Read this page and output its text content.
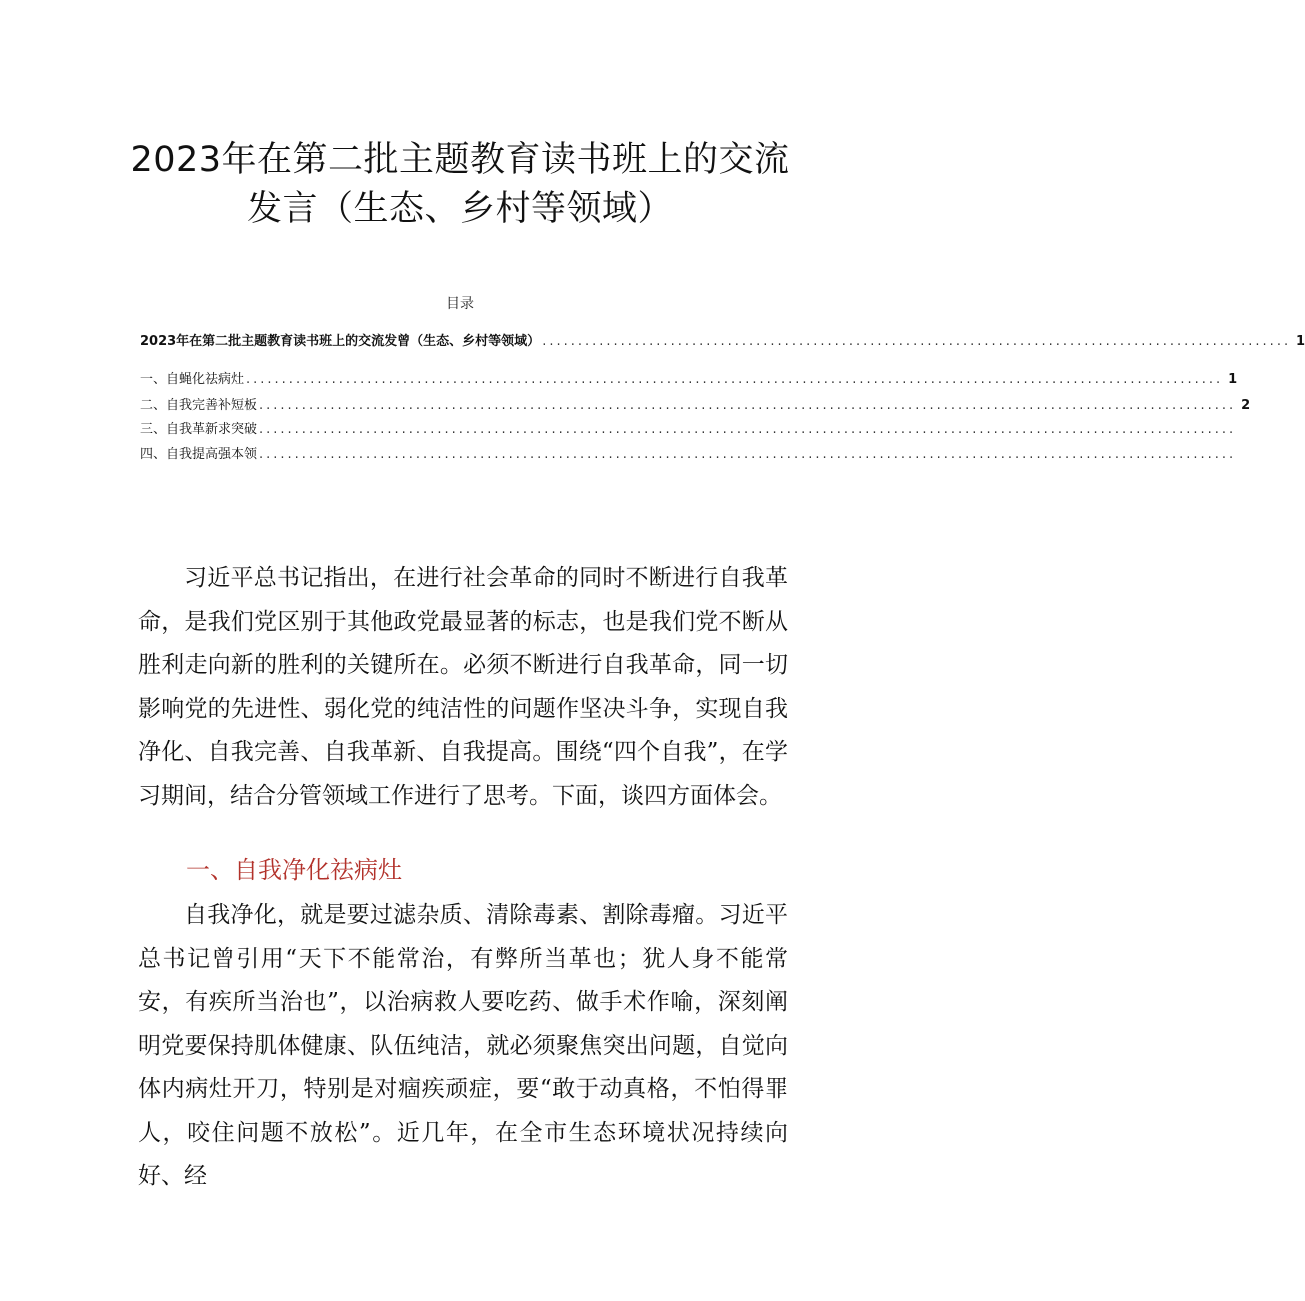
2023年在第二批主题教育读书班上的交流
发言（生态、乡村等领域）
目录
2023年在第二批主题教育读书班上的交流发曾（生态、乡村等领域） ......................................................................................................... 1
一、自蝇化祛病灶 ......................................................................................................................................... 1
二、自我完善补短板 ......................................................................................................................................... 2
三、自我革新求突破 .........................................................................................................................................
四、自我提高强本领 .........................................................................................................................................

习近平总书记指出，在进行社会革命的同时不断进行自我革命，是我们党区别于其他政党最显著的标志，也是我们党不断从胜利走向新的胜利的关键所在。必须不断进行自我革命，同一切影响党的先进性、弱化党的纯洁性的问题作坚决斗争，实现自我净化、自我完善、自我革新、自我提高。围绕“四个自我”，在学习期间，结合分管领域工作进行了思考。下面，谈四方面体会。

一、自我净化祛病灶

自我净化，就是要过滤杂质、清除毒素、割除毒瘤。习近平总书记曾引用“天下不能常治，有弊所当革也；犹人身不能常安，有疾所当治也”，以治病救人要吃药、做手术作喻，深刻阐明党要保持肌体健康、队伍纯洁，就必须聚焦突出问题，自觉向体内病灶开刀，特别是对痼疾顽症，要“敢于动真格，不怕得罪人，咬住问题不放松”。近几年，在全市生态环境状况持续向好、经
